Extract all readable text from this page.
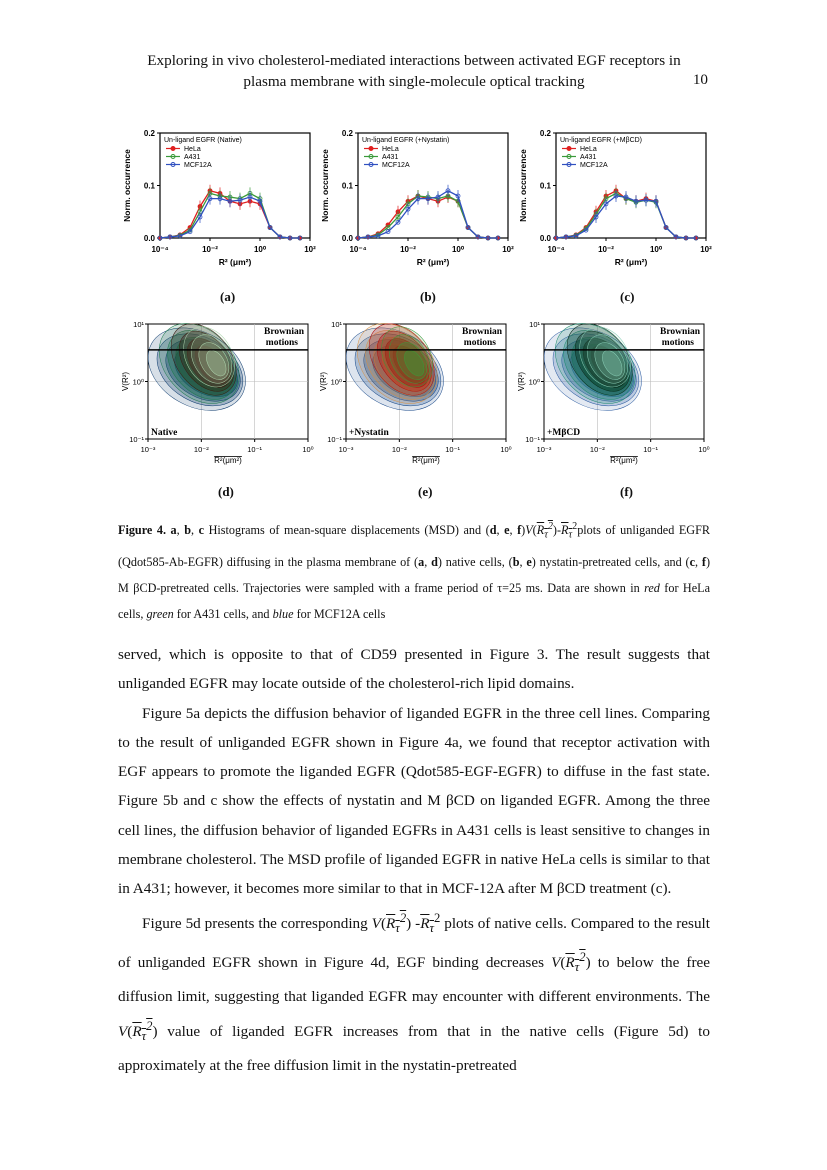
Exploring in vivo cholesterol-mediated interactions between activated EGF receptors in
plasma membrane with single-molecule optical tracking	10
0.0
0.1
0.2
10⁻⁴	10⁻²	10⁰	10²
R² (μm²)
Norm. occurrence
Un-ligand EGFR (Native)
HeLa
A431
MCF12A
0.0
0.1
0.2
10⁻⁴	10⁻²	10⁰	10²
R² (μm²)
Norm. occurrence
Un-ligand EGFR (+Nystatin)
HeLa
A431
MCF12A
0.0
0.1
0.2
10⁻⁴	10⁻²	10⁰	10²
R² (μm²)
Norm. occurrence
Un-ligand EGFR (+MβCD)
HeLa
A431
MCF12A
(a)	(b)	(c)
Brownian
motions
Native
10⁻³	10⁻²	10⁻¹	10⁰
10⁻¹
10⁰
10¹
R²(μm²)
V(R²)
Brownian
motions
+Nystatin
10⁻³	10⁻²	10⁻¹	10⁰
10⁻¹
10⁰
10¹
R²(μm²)
V(R²)
Brownian
motions
+MβCD
10⁻³	10⁻²	10⁻¹	10⁰
10⁻¹
10⁰
10¹
R²(μm²)
V(R²)
(d)	(e)	(f)
Figure 4. a, b, c Histograms of mean-square displacements (MSD) and (d, e, $f)V(R_\tau^2)-R_\tau^2plots$ of unliganded EGFR (Qdot585-Ab-EGFR) diffusing in the plasma membrane of (a, d) native cells, (b, e) nystatin-pretreated cells, and (c, f) M βCD-pretreated cells. Trajectories were sampled with a frame period of τ=25 ms. Data are shown in red for HeLa cells, green for A431 cells, and blue for MCF12A cells

served, which is opposite to that of CD59 presented in Figure 3. The result suggests that unliganded EGFR may locate outside of the cholesterol-rich lipid domains.

Figure 5a depicts the diffusion behavior of liganded EGFR in the three cell lines. Comparing to the result of unliganded EGFR shown in Figure 4a, we found that receptor activation with EGF appears to promote the liganded EGFR (Qdot585-EGF-EGFR) to diffuse in the fast state. Figure 5b and c show the effects of nystatin and M βCD on liganded EGFR. Among the three cell lines, the diffusion behavior of liganded EGFRs in A431 cells is least sensitive to changes in membrane cholesterol. The MSD profile of liganded EGFR in native HeLa cells is similar to that in A431; however, it becomes more similar to that in MCF-12A after M βCD treatment (c).

Figure 5d presents the corresponding $V(R_\tau^2)$ $-R_\tau^2$ plots of native cells. Compared to the result of unliganded EGFR shown in Figure 4d, EGF binding decreases $V(R_\tau^2)$ to below the free diffusion limit, suggesting that liganded EGFR may encounter with different environments. The $V(R_\tau^2)$ value of liganded EGFR increases from that in the native cells (Figure 5d) to approximately at the free diffusion limit in the nystatin-pretreated
